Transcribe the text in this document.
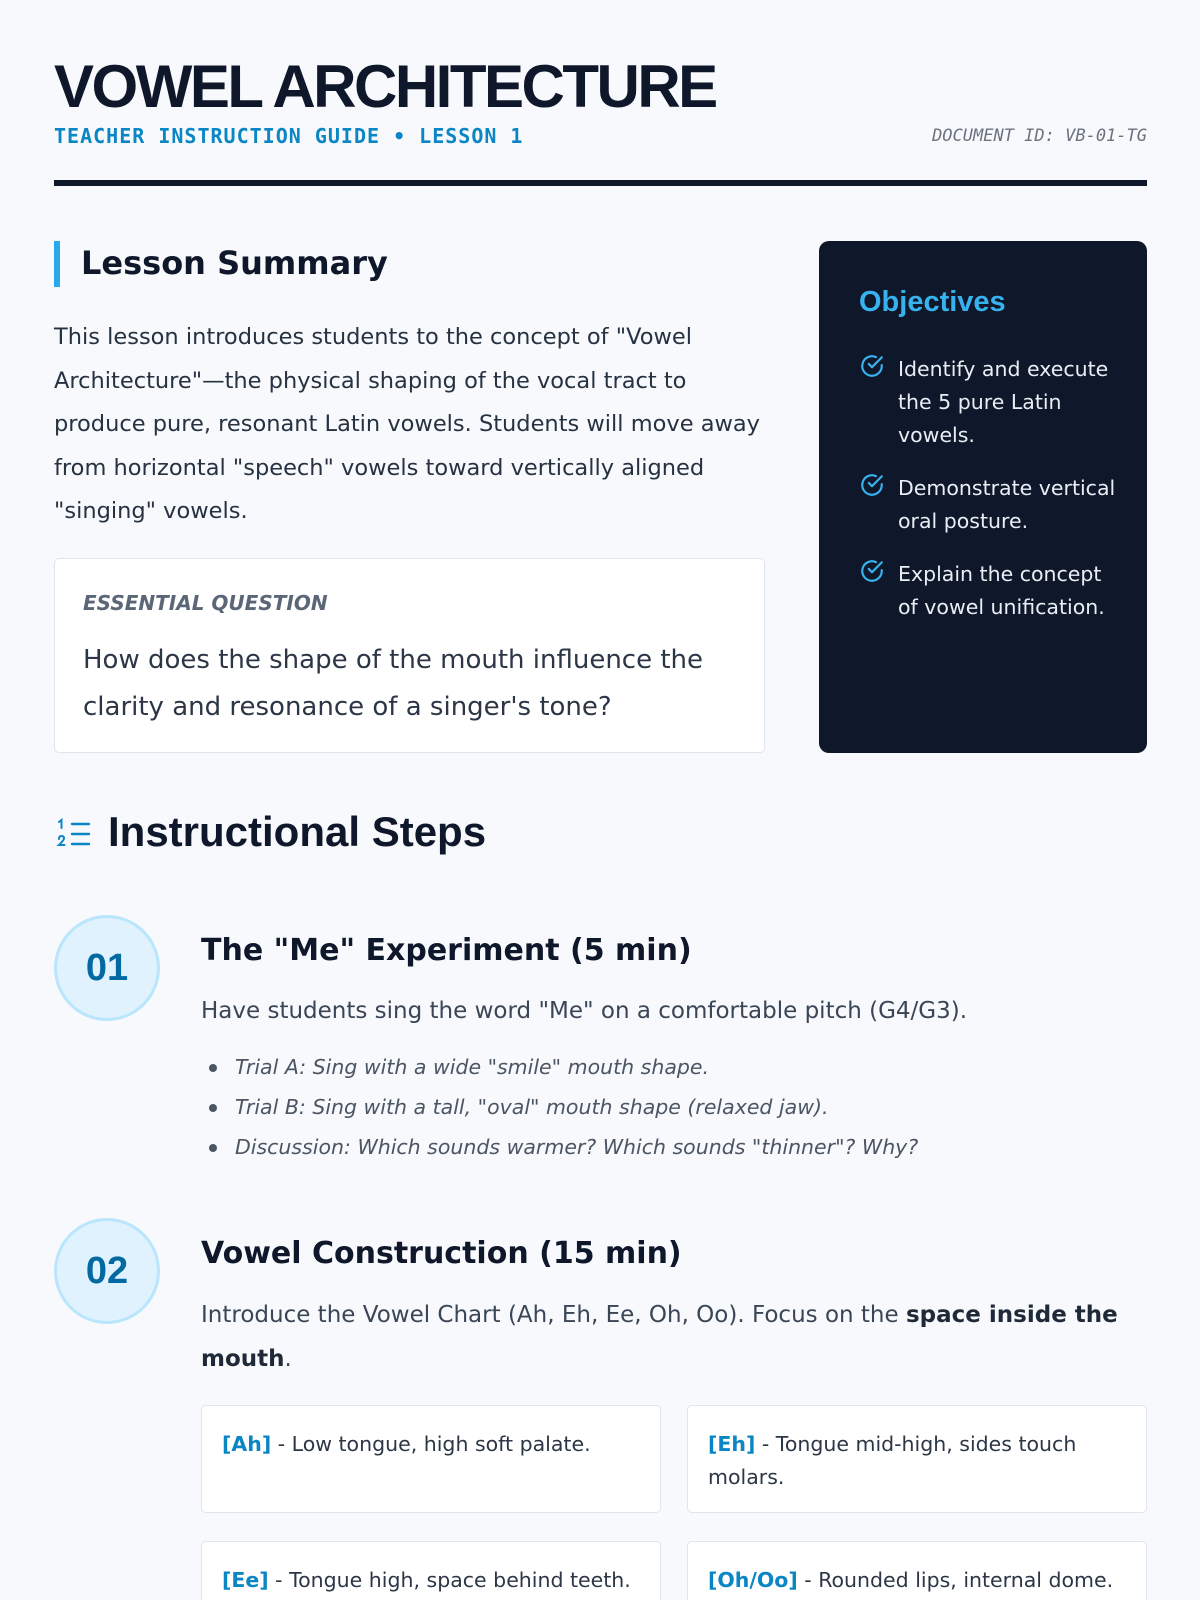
VOWEL ARCHITECTURE
TEACHER INSTRUCTION GUIDE • LESSON 1	DOCUMENT ID: VB-01-TG
Lesson Summary

This lesson introduces students to the concept of "Vowel Architecture"—the physical shaping of the vocal tract to produce pure, resonant Latin vowels. Students will move away from horizontal "speech" vowels toward vertically aligned "singing" vowels.

ESSENTIAL QUESTION
How does the shape of the mouth influence the clarity and resonance of a singer's tone?
Objectives
Identify and execute the 5 pure Latin vowels.
Demonstrate vertical oral posture.
Explain the concept of vowel unification.
Instructional Steps
01	The "Me" Experiment (5 min)

Have students sing the word "Me" on a comfortable pitch (G4/G3).

Trial A: Sing with a wide "smile" mouth shape.
Trial B: Sing with a tall, "oval" mouth shape (relaxed jaw).
Discussion: Which sounds warmer? Which sounds "thinner"? Why?
02	Vowel Construction (15 min)

Introduce the Vowel Chart (Ah, Eh, Ee, Oh, Oo). Focus on the space inside the mouth.

[Ah] - Low tongue, high soft palate.	[Eh] - Tongue mid-high, sides touch molars.
[Ee] - Tongue high, space behind teeth.	[Oh/Oo] - Rounded lips, internal dome.
